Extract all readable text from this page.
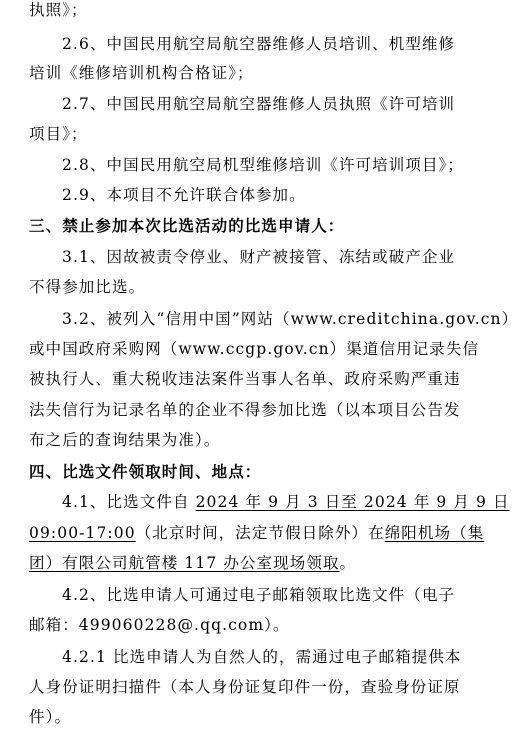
执照》；
2.6、中国民用航空局航空器维修人员培训、机型维修
培训《维修培训机构合格证》；
2.7、中国民用航空局航空器维修人员执照《许可培训
项目》；
2.8、中国民用航空局机型维修培训《许可培训项目》；
2.9、本项目不允许联合体参加。
三、禁止参加本次比选活动的比选申请人：
3.1、因故被责令停业、财产被接管、冻结或破产企业
不得参加比选。
3.2、被列入“信用中国”网站（www.creditchina.gov.cn）
或中国政府采购网（www.ccgp.gov.cn）渠道信用记录失信
被执行人、重大税收违法案件当事人名单、政府采购严重违
法失信行为记录名单的企业不得参加比选（以本项目公告发
布之后的查询结果为准）。
四、比选文件领取时间、地点：
4.1、比选文件自 2024 年 9 月 3 日至 2024 年 9 月 9 日
09:00-17:00（北京时间，法定节假日除外）在绵阳机场（集
团）有限公司航管楼 117 办公室现场领取。
4.2、比选申请人可通过电子邮箱领取比选文件（电子
邮箱：499060228@.qq.com）。
4.2.1 比选申请人为自然人的，需通过电子邮箱提供本
人身份证明扫描件（本人身份证复印件一份，查验身份证原
件）。
